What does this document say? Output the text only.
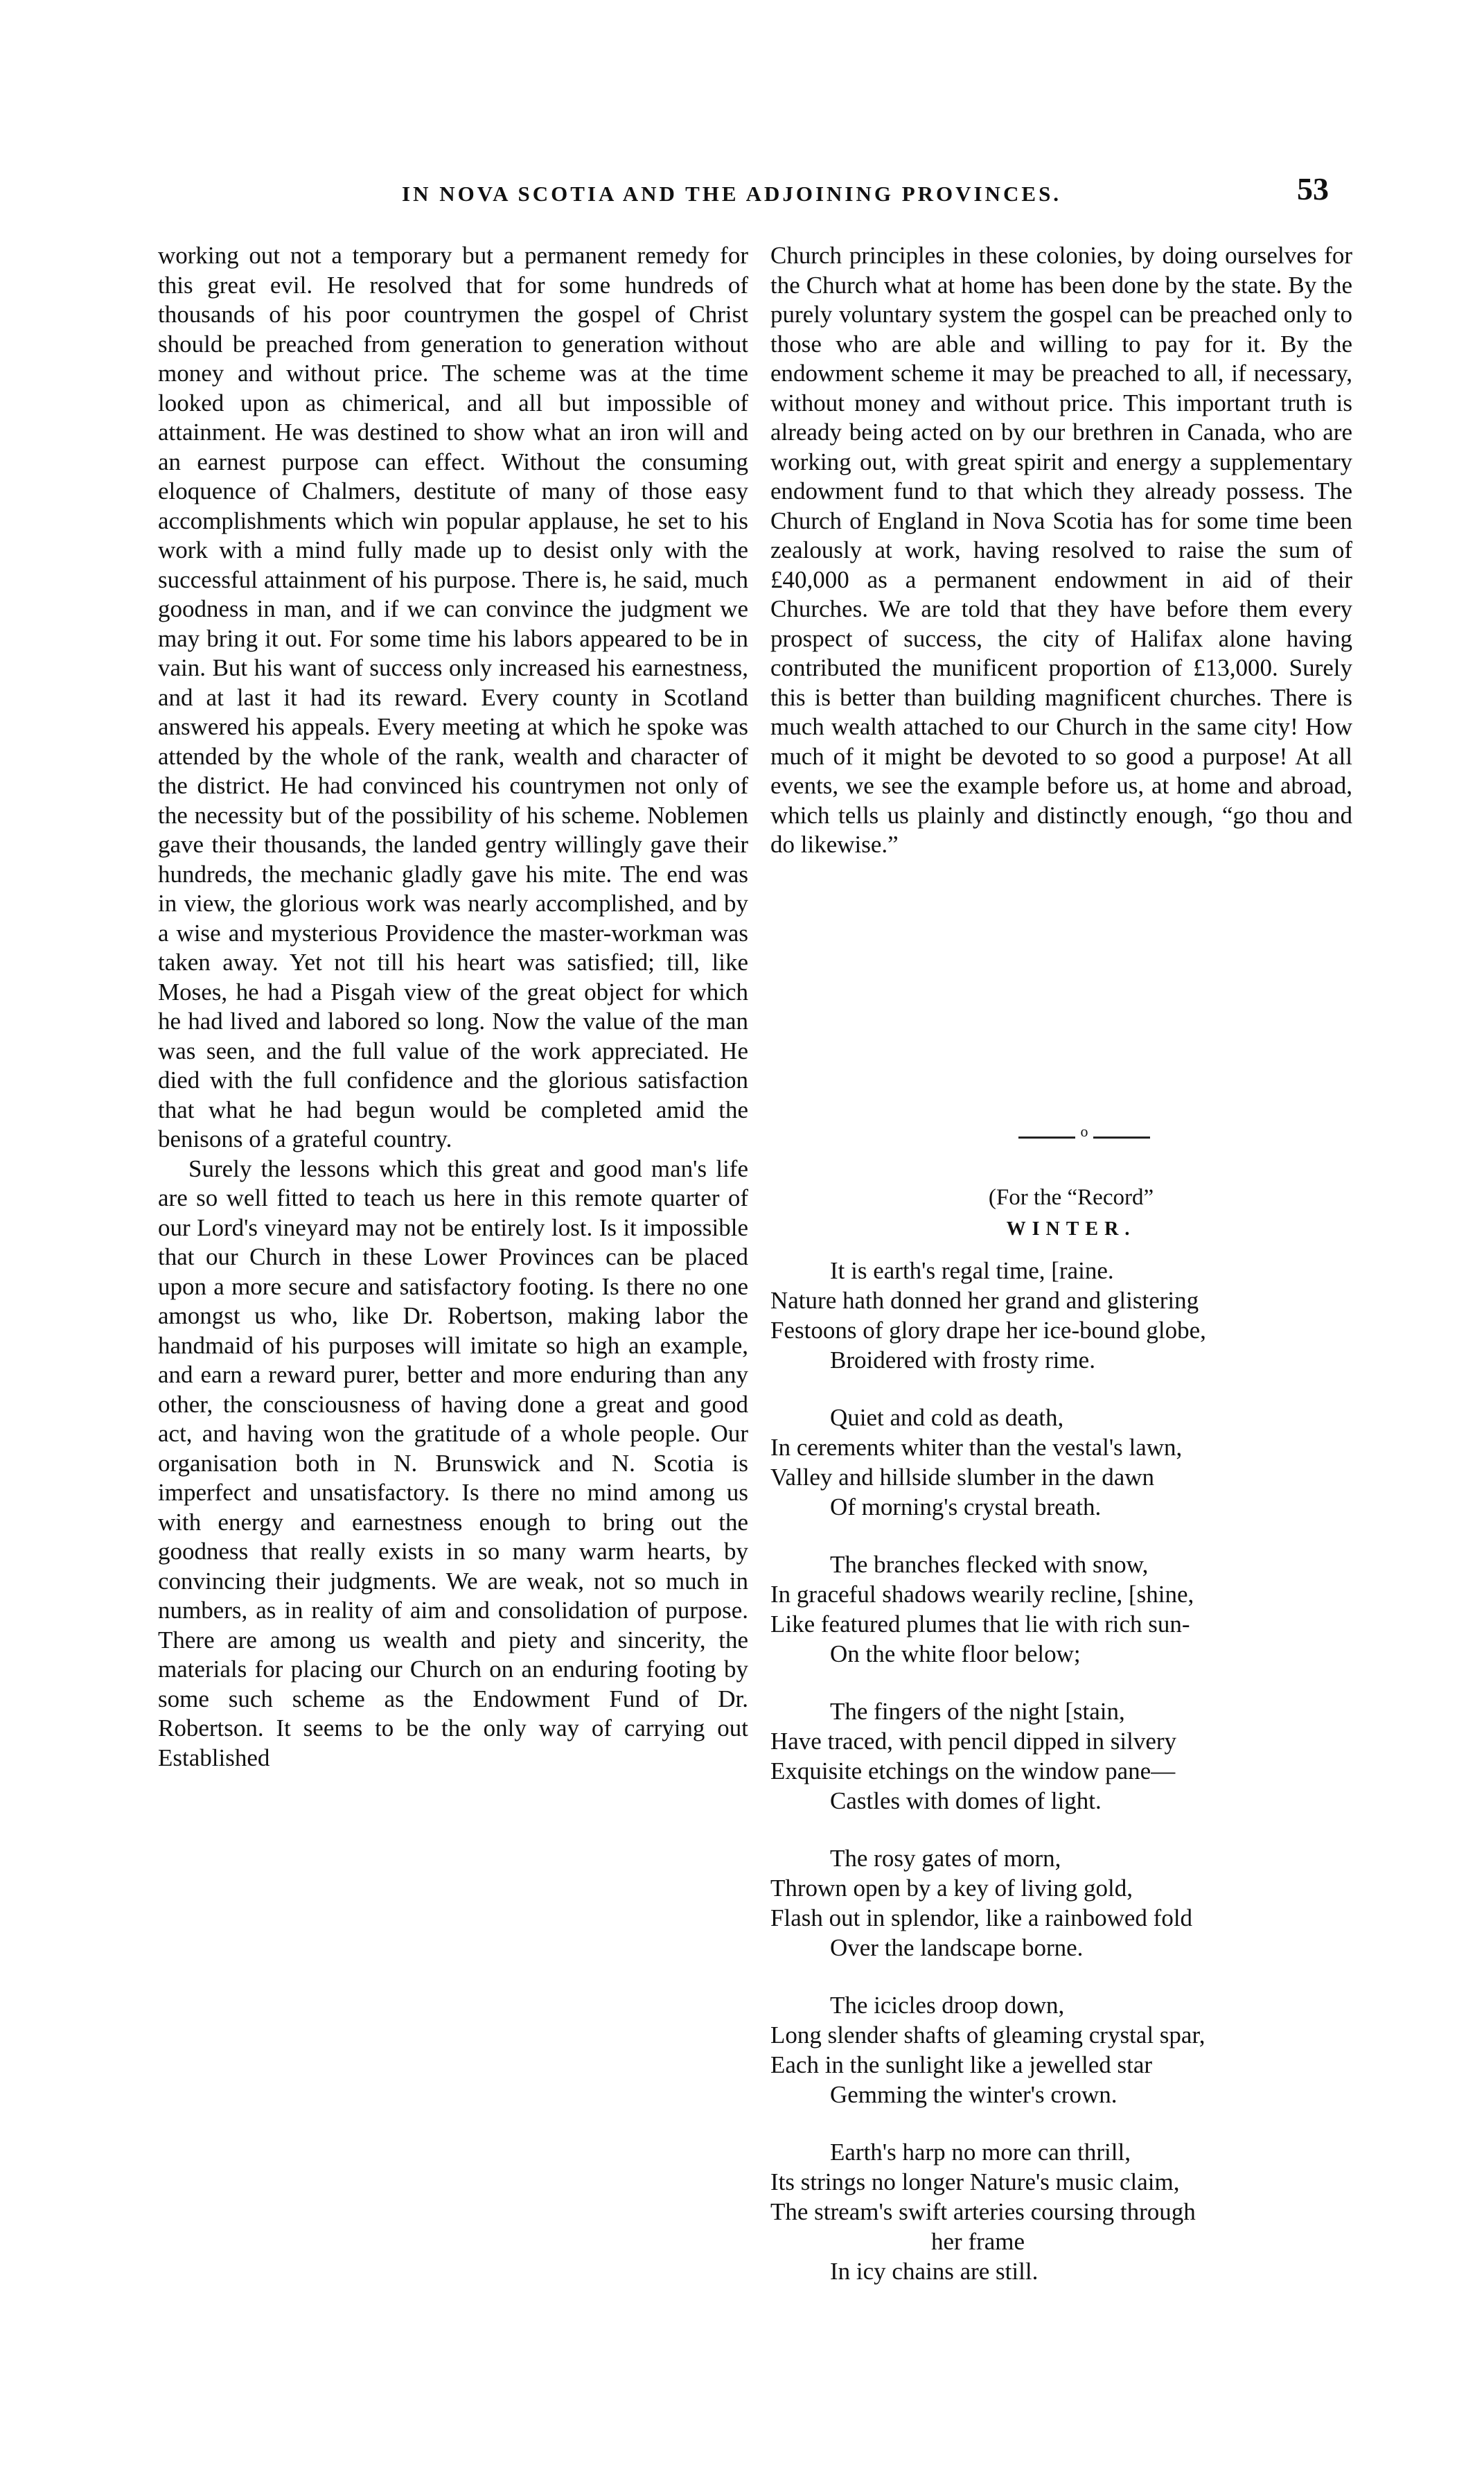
IN NOVA SCOTIA AND THE ADJOINING PROVINCES.	53

working out not a temporary but a permanent remedy for this great evil. He resolved that for some hundreds of thousands of his poor countrymen the gospel of Christ should be preached from generation to generation without money and without price. The scheme was at the time looked upon as chimerical, and all but impossible of attainment. He was destined to show what an iron will and an earnest purpose can effect. Without the consuming eloquence of Chalmers, destitute of many of those easy accomplishments which win popular applause, he set to his work with a mind fully made up to desist only with the successful attainment of his purpose. There is, he said, much goodness in man, and if we can convince the judgment we may bring it out. For some time his labors appeared to be in vain. But his want of success only increased his earnestness, and at last it had its reward. Every county in Scotland answered his appeals. Every meeting at which he spoke was attended by the whole of the rank, wealth and character of the district. He had convinced his countrymen not only of the necessity but of the possibility of his scheme. Noblemen gave their thousands, the landed gentry willingly gave their hundreds, the mechanic gladly gave his mite. The end was in view, the glorious work was nearly accomplished, and by a wise and mysterious Providence the master-workman was taken away. Yet not till his heart was satisfied; till, like Moses, he had a Pisgah view of the great object for which he had lived and labored so long. Now the value of the man was seen, and the full value of the work appreciated. He died with the full confidence and the glorious satisfaction that what he had begun would be completed amid the benisons of a grateful country.

Surely the lessons which this great and good man's life are so well fitted to teach us here in this remote quarter of our Lord's vineyard may not be entirely lost. Is it impossible that our Church in these Lower Provinces can be placed upon a more secure and satisfactory footing. Is there no one amongst us who, like Dr. Robertson, making labor the handmaid of his purposes will imitate so high an example, and earn a reward purer, better and more enduring than any other, the consciousness of having done a great and good act, and having won the gratitude of a whole people. Our organisation both in N. Brunswick and N. Scotia is imperfect and unsatisfactory. Is there no mind among us with energy and earnestness enough to bring out the goodness that really exists in so many warm hearts, by convincing their judgments. We are weak, not so much in numbers, as in reality of aim and consolidation of purpose. There are among us wealth and piety and sincerity, the materials for placing our Church on an enduring footing by some such scheme as the Endowment Fund of Dr. Robertson. It seems to be the only way of carrying out Established

Church principles in these colonies, by doing ourselves for the Church what at home has been done by the state. By the purely voluntary system the gospel can be preached only to those who are able and willing to pay for it. By the endowment scheme it may be preached to all, if necessary, without money and without price. This important truth is already being acted on by our brethren in Canada, who are working out, with great spirit and energy a supplementary endowment fund to that which they already possess. The Church of England in Nova Scotia has for some time been zealously at work, having resolved to raise the sum of £40,000 as a permanent endowment in aid of their Churches. We are told that they have before them every prospect of success, the city of Halifax alone having contributed the munificent proportion of £13,000. Surely this is better than building magnificent churches. There is much wealth attached to our Church in the same city! How much of it might be devoted to so good a purpose! At all events, we see the example before us, at home and abroad, which tells us plainly and distinctly enough, “go thou and do likewise.”

o
(For the “Record”
WINTER.
It is earth's regal time, [raine.
Nature hath donned her grand and glistering
Festoons of glory drape her ice-bound globe,
Broidered with frosty rime.
Quiet and cold as death,
In cerements whiter than the vestal's lawn,
Valley and hillside slumber in the dawn
Of morning's crystal breath.
The branches flecked with snow,
In graceful shadows wearily recline, [shine,
Like featured plumes that lie with rich sun-
On the white floor below;
The fingers of the night [stain,
Have traced, with pencil dipped in silvery
Exquisite etchings on the window pane—
Castles with domes of light.
The rosy gates of morn,
Thrown open by a key of living gold,
Flash out in splendor, like a rainbowed fold
Over the landscape borne.
The icicles droop down,
Long slender shafts of gleaming crystal spar,
Each in the sunlight like a jewelled star
Gemming the winter's crown.
Earth's harp no more can thrill,
Its strings no longer Nature's music claim,
The stream's swift arteries coursing through
her frame
In icy chains are still.
